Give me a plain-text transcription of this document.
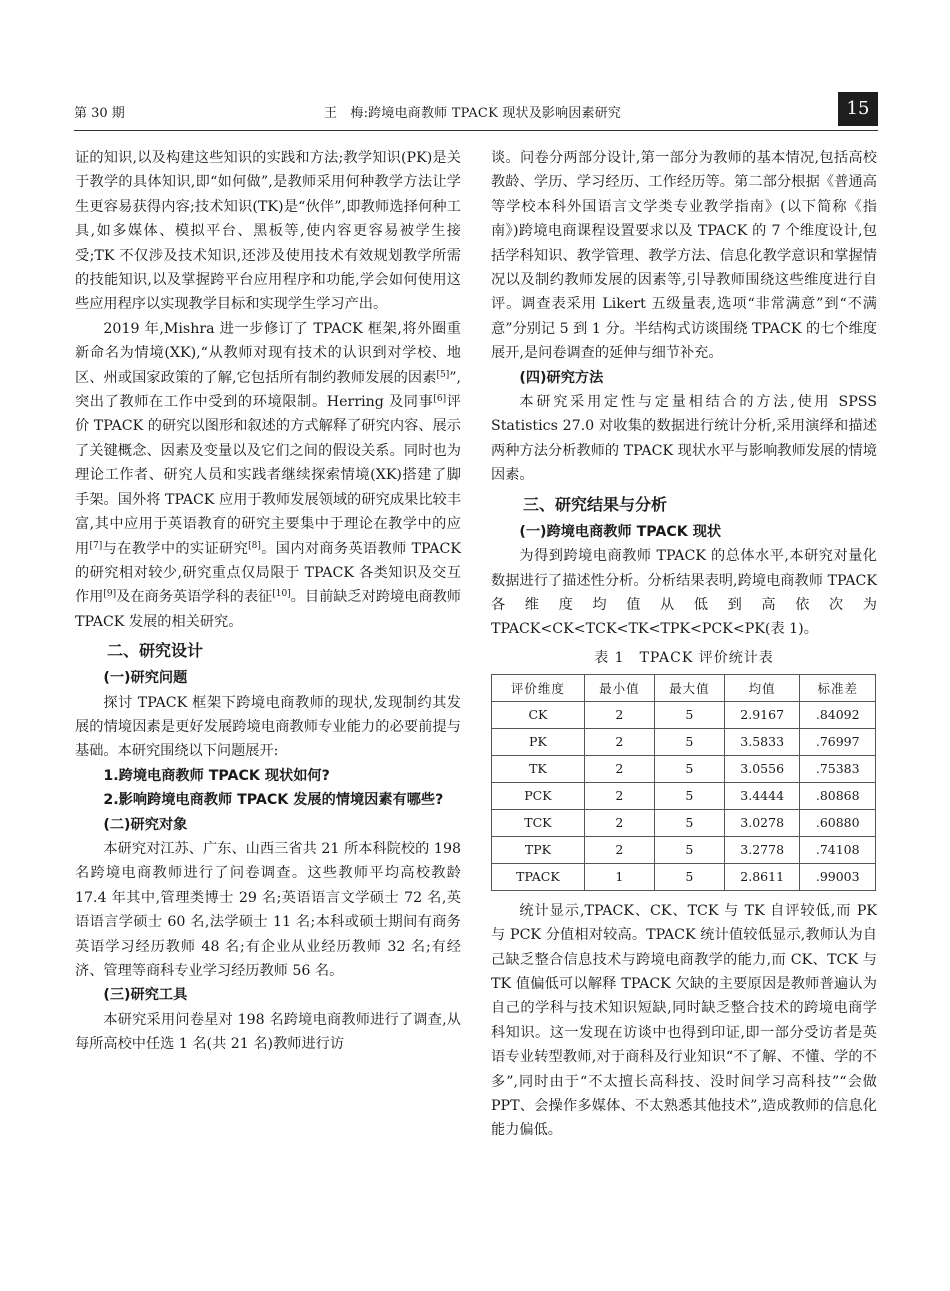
第 30 期	王　梅:跨境电商教师 TPACK 现状及影响因素研究	15

证的知识,以及构建这些知识的实践和方法;教学知识(PK)是关于教学的具体知识,即“如何做”,是教师采用何种教学方法让学生更容易获得内容;技术知识(TK)是“伙伴”,即教师选择何种工具,如多媒体、模拟平台、黑板等,使内容更容易被学生接受;TK 不仅涉及技术知识,还涉及使用技术有效规划教学所需的技能知识,以及掌握跨平台应用程序和功能,学会如何使用这些应用程序以实现教学目标和实现学生学习产出。

2019 年,Mishra 进一步修订了 TPACK 框架,将外圈重新命名为情境(XK),“从教师对现有技术的认识到对学校、地区、州或国家政策的了解,它包括所有制约教师发展的因素[5]”,突出了教师在工作中受到的环境限制。Herring 及同事[6]评价 TPACK 的研究以图形和叙述的方式解释了研究内容、展示了关键概念、因素及变量以及它们之间的假设关系。同时也为理论工作者、研究人员和实践者继续探索情境(XK)搭建了脚手架。国外将 TPACK 应用于教师发展领域的研究成果比较丰富,其中应用于英语教育的研究主要集中于理论在教学中的应用[7]与在教学中的实证研究[8]。国内对商务英语教师 TPACK 的研究相对较少,研究重点仅局限于 TPACK 各类知识及交互作用[9]及在商务英语学科的表征[10]。目前缺乏对跨境电商教师 TPACK 发展的相关研究。

二、研究设计
(一)研究问题

探讨 TPACK 框架下跨境电商教师的现状,发现制约其发展的情境因素是更好发展跨境电商教师专业能力的必要前提与基础。本研究围绕以下问题展开:

1.跨境电商教师 TPACK 现状如何?

2.影响跨境电商教师 TPACK 发展的情境因素有哪些?

(二)研究对象

本研究对江苏、广东、山西三省共 21 所本科院校的 198 名跨境电商教师进行了问卷调查。这些教师平均高校教龄 17.4 年其中,管理类博士 29 名;英语语言文学硕士 72 名,英语语言学硕士 60 名,法学硕士 11 名;本科或硕士期间有商务英语学习经历教师 48 名;有企业从业经历教师 32 名;有经济、管理等商科专业学习经历教师 56 名。

(三)研究工具

本研究采用问卷星对 198 名跨境电商教师进行了调查,从每所高校中任选 1 名(共 21 名)教师进行访

谈。问卷分两部分设计,第一部分为教师的基本情况,包括高校教龄、学历、学习经历、工作经历等。第二部分根据《普通高等学校本科外国语言文学类专业教学指南》(以下简称《指南》)跨境电商课程设置要求以及 TPACK 的 7 个维度设计,包括学科知识、教学管理、教学方法、信息化教学意识和掌握情况以及制约教师发展的因素等,引导教师围绕这些维度进行自评。调查表采用 Likert 五级量表,选项“非常满意”到“不满意”分别记 5 到 1 分。半结构式访谈围绕 TPACK 的七个维度展开,是问卷调查的延伸与细节补充。

(四)研究方法

本研究采用定性与定量相结合的方法,使用 SPSS Statistics 27.0 对收集的数据进行统计分析,采用演绎和描述两种方法分析教师的 TPACK 现状水平与影响教师发展的情境因素。

三、研究结果与分析
(一)跨境电商教师 TPACK 现状

为得到跨境电商教师 TPACK 的总体水平,本研究对量化数据进行了描述性分析。分析结果表明,跨境电商教师 TPACK 各维度均值从低到高依次为TPACK<CK<TCK<TK<TPK<PCK<PK(表 1)。

表 1　TPACK 评价统计表
评价维度	最小值	最大值	均值	标准差
CK	2	5	2.9167	.84092
PK	2	5	3.5833	.76997
TK	2	5	3.0556	.75383
PCK	2	5	3.4444	.80868
TCK	2	5	3.0278	.60880
TPK	2	5	3.2778	.74108
TPACK	1	5	2.8611	.99003

统计显示,TPACK、CK、TCK 与 TK 自评较低,而 PK 与 PCK 分值相对较高。TPACK 统计值较低显示,教师认为自己缺乏整合信息技术与跨境电商教学的能力,而 CK、TCK 与 TK 值偏低可以解释 TPACK 欠缺的主要原因是教师普遍认为自己的学科与技术知识短缺,同时缺乏整合技术的跨境电商学科知识。这一发现在访谈中也得到印证,即一部分受访者是英语专业转型教师,对于商科及行业知识“不了解、不懂、学的不多”,同时由于“不太擅长高科技、没时间学习高科技”“会做 PPT、会操作多媒体、不太熟悉其他技术”,造成教师的信息化能力偏低。
